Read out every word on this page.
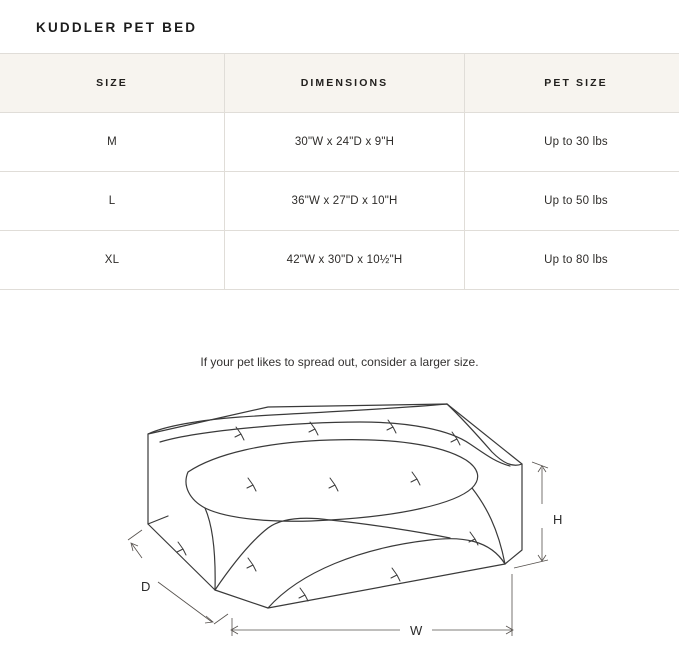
KUDDLER PET BED
SIZE	DIMENSIONS	PET SIZE
M	30"W x 24"D x 9"H	Up to 30 lbs
L	36"W x 27"D x 10"H	Up to 50 lbs
XL	42"W x 30"D x 10½"H	Up to 80 lbs
If your pet likes to spread out, consider a larger size.
H
D
W
